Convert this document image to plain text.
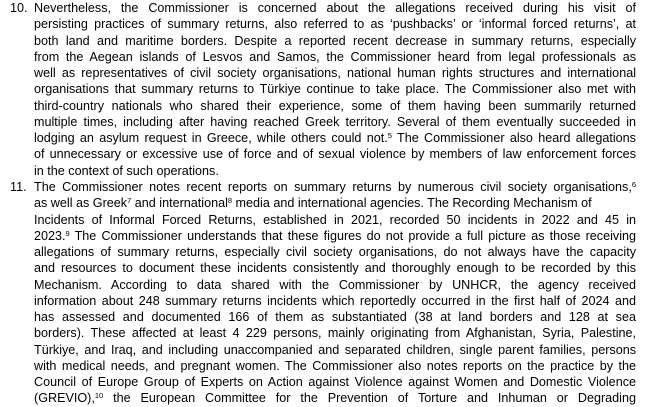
10. Nevertheless, the Commissioner is concerned about the allegations received during his visit of
persisting practices of summary returns, also referred to as ‘pushbacks’ or ‘informal forced returns’, at
both land and maritime borders. Despite a reported recent decrease in summary returns, especially
from the Aegean islands of Lesvos and Samos, the Commissioner heard from legal professionals as
well as representatives of civil society organisations, national human rights structures and international
organisations that summary returns to Türkiye continue to take place. The Commissioner also met with
third-country nationals who shared their experience, some of them having been summarily returned
multiple times, including after having reached Greek territory. Several of them eventually succeeded in
lodging an asylum request in Greece, while others could not.$^5$ The Commissioner also heard allegations
of unnecessary or excessive use of force and of sexual violence by members of law enforcement forces
in the context of such operations.
11. The Commissioner notes recent reports on summary returns by numerous civil society organisations,$^6$
as well as Greek$^7$ and international$^8$ media and international agencies. The Recording Mechanism of
Incidents of Informal Forced Returns, established in 2021, recorded 50 incidents in 2022 and 45 in
2023.$^9$ The Commissioner understands that these figures do not provide a full picture as those receiving
allegations of summary returns, especially civil society organisations, do not always have the capacity
and resources to document these incidents consistently and thoroughly enough to be recorded by this
Mechanism. According to data shared with the Commissioner by UNHCR, the agency received
information about 248 summary returns incidents which reportedly occurred in the first half of 2024 and
has assessed and documented 166 of them as substantiated (38 at land borders and 128 at sea
borders). These affected at least 4 229 persons, mainly originating from Afghanistan, Syria, Palestine,
Türkiye, and Iraq, and including unaccompanied and separated children, single parent families, persons
with medical needs, and pregnant women. The Commissioner also notes reports on the practice by the
Council of Europe Group of Experts on Action against Violence against Women and Domestic Violence
(GREVIO),$^{10}$ the European Committee for the Prevention of Torture and Inhuman or Degrading
